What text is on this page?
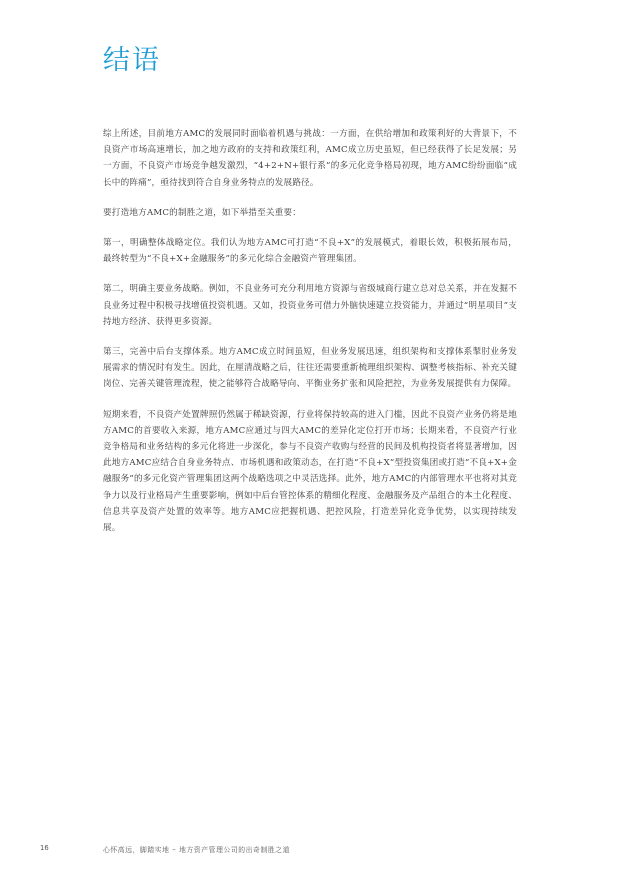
结语

综上所述，目前地方AMC的发展同时面临着机遇与挑战：一方面，在供给增加和政策利好的大背景下，不良资产市场高速增长，加之地方政府的支持和政策红利，AMC成立历史虽短，但已经获得了长足发展；另一方面，不良资产市场竞争越发激烈，“4+2+N+银行系”的多元化竞争格局初现，地方AMC纷纷面临“成长中的阵痛”，亟待找到符合自身业务特点的发展路径。

要打造地方AMC的制胜之道，如下举措至关重要：

第一，明确整体战略定位。我们认为地方AMC可打造“不良+X”的发展模式，着眼长效，积极拓展布局，最终转型为“不良+X+金融服务”的多元化综合金融资产管理集团。

第二，明确主要业务战略。例如，不良业务可充分利用地方资源与省级城商行建立总对总关系，并在发掘不良业务过程中积极寻找增值投资机遇。又如，投资业务可借力外脑快速建立投资能力，并通过“明星项目”支持地方经济、获得更多资源。

第三，完善中后台支撑体系。地方AMC成立时间虽短，但业务发展迅速，组织架构和支撑体系掣肘业务发展需求的情况时有发生。因此，在厘清战略之后，往往还需要重新梳理组织架构、调整考核指标、补充关键岗位、完善关键管理流程，使之能够符合战略导向、平衡业务扩张和风险把控，为业务发展提供有力保障。

短期来看，不良资产处置牌照仍然属于稀缺资源，行业将保持较高的进入门槛，因此不良资产业务仍将是地方AMC的首要收入来源，地方AMC应通过与四大AMC的差异化定位打开市场；长期来看，不良资产行业竞争格局和业务结构的多元化将进一步深化，参与不良资产收购与经营的民间及机构投资者将显著增加，因此地方AMC应结合自身业务特点、市场机遇和政策动态，在打造“不良+X”型投资集团或打造“不良+X+金融服务”的多元化资产管理集团这两个战略选项之中灵活选择。此外，地方AMC的内部管理水平也将对其竞争力以及行业格局产生重要影响，例如中后台管控体系的精细化程度、金融服务及产品组合的本土化程度、信息共享及资产处置的效率等。地方AMC应把握机遇、把控风险，打造差异化竞争优势，以实现持续发展。

16	心怀高远，脚踏实地 – 地方资产管理公司的出奇制胜之道
